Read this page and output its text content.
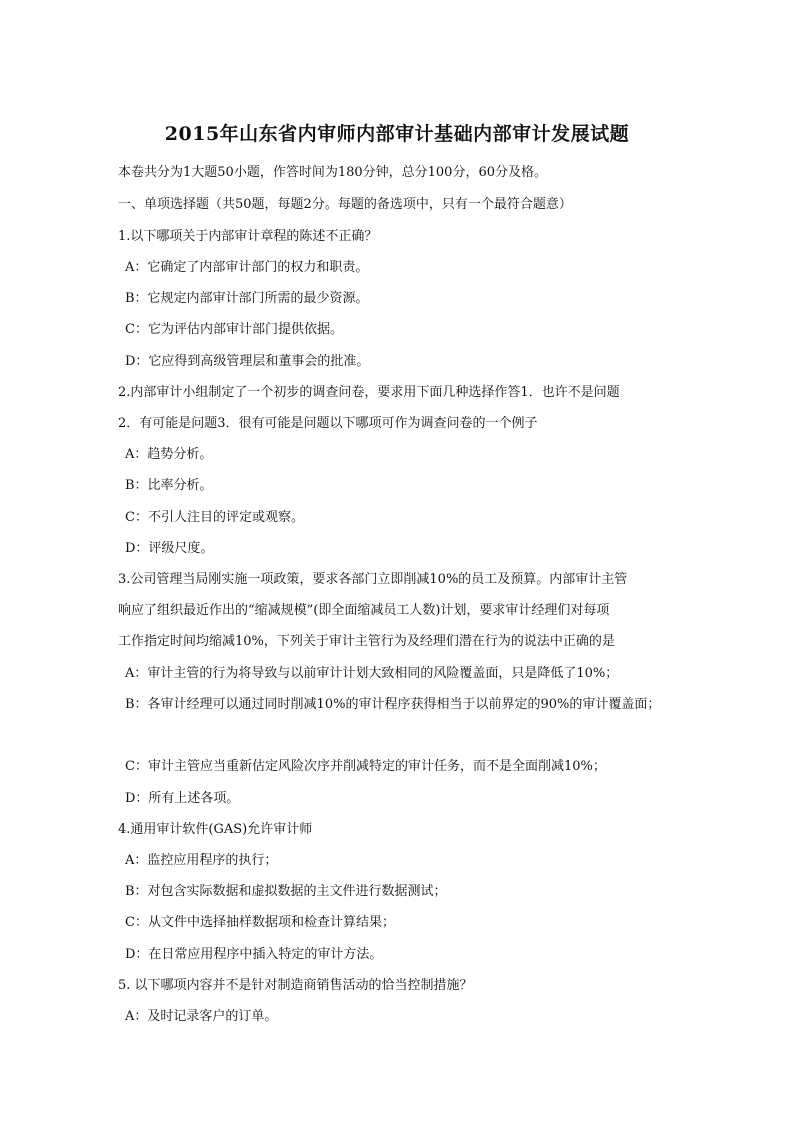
2015年山东省内审师内部审计基础内部审计发展试题
本卷共分为1大题50小题，作答时间为180分钟，总分100分，60分及格。
一、单项选择题（共50题，每题2分。每题的备选项中，只有一个最符合题意）
1.以下哪项关于内部审计章程的陈述不正确？
A：它确定了内部审计部门的权力和职责。
B：它规定内部审计部门所需的最少资源。
C：它为评估内部审计部门提供依据。
D：它应得到高级管理层和董事会的批准。
2.内部审计小组制定了一个初步的调查问卷，要求用下面几种选择作答1．也许不是问题
2．有可能是问题3．很有可能是问题以下哪项可作为调查问卷的一个例子
A：趋势分析。
B：比率分析。
C：不引人注目的评定或观察。
D：评级尺度。
3.公司管理当局刚实施一项政策，要求各部门立即削减10%的员工及预算。内部审计主管
响应了组织最近作出的“缩减规模”(即全面缩减员工人数)计划，要求审计经理们对每项
工作指定时间均缩减10%，下列关于审计主管行为及经理们潜在行为的说法中正确的是
A：审计主管的行为将导致与以前审计计划大致相同的风险覆盖面，只是降低了10%；
B：各审计经理可以通过同时削减10%的审计程序获得相当于以前界定的90%的审计覆盖面；
C：审计主管应当重新估定风险次序并削减特定的审计任务，而不是全面削减10%；
D：所有上述各项。
4.通用审计软件(GAS)允许审计师
A：监控应用程序的执行；
B：对包含实际数据和虚拟数据的主文件进行数据测试；
C：从文件中选择抽样数据项和检查计算结果；
D：在日常应用程序中插入特定的审计方法。
5. 以下哪项内容并不是针对制造商销售活动的恰当控制措施？
A：及时记录客户的订单。
